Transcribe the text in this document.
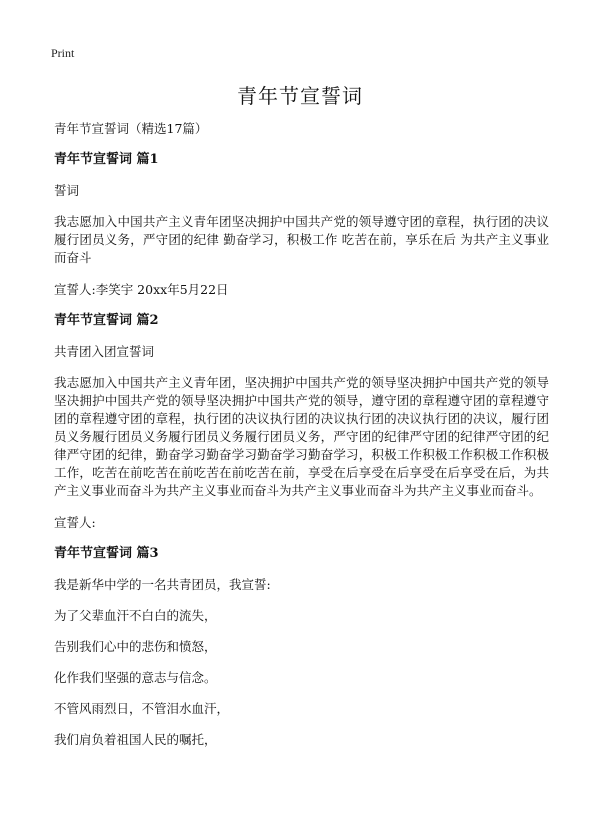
Print
青年节宣誓词
青年节宣誓词（精选17篇）
青年节宣誓词 篇1
誓词
我志愿加入中国共产主义青年团坚决拥护中国共产党的领导遵守团的章程，执行团的决议 履行团员义务，严守团的纪律 勤奋学习，积极工作 吃苦在前，享乐在后 为共产主义事业而奋斗
宣誓人:李笑宇 20xx年5月22日
青年节宣誓词 篇2
共青团入团宣誓词
我志愿加入中国共产主义青年团，坚决拥护中国共产党的领导坚决拥护中国共产党的领导坚决拥护中国共产党的领导坚决拥护中国共产党的领导，遵守团的章程遵守团的章程遵守团的章程遵守团的章程，执行团的决议执行团的决议执行团的决议执行团的决议，履行团员义务履行团员义务履行团员义务履行团员义务，严守团的纪律严守团的纪律严守团的纪律严守团的纪律，勤奋学习勤奋学习勤奋学习勤奋学习，积极工作积极工作积极工作积极工作，吃苦在前吃苦在前吃苦在前吃苦在前，享受在后享受在后享受在后享受在后，为共产主义事业而奋斗为共产主义事业而奋斗为共产主义事业而奋斗为共产主义事业而奋斗。
宣誓人:
青年节宣誓词 篇3
我是新华中学的一名共青团员，我宣誓:
为了父辈血汗不白白的流失，
告别我们心中的悲伤和愤怒，
化作我们坚强的意志与信念。
不管风雨烈日，不管泪水血汗，
我们肩负着祖国人民的嘱托，
